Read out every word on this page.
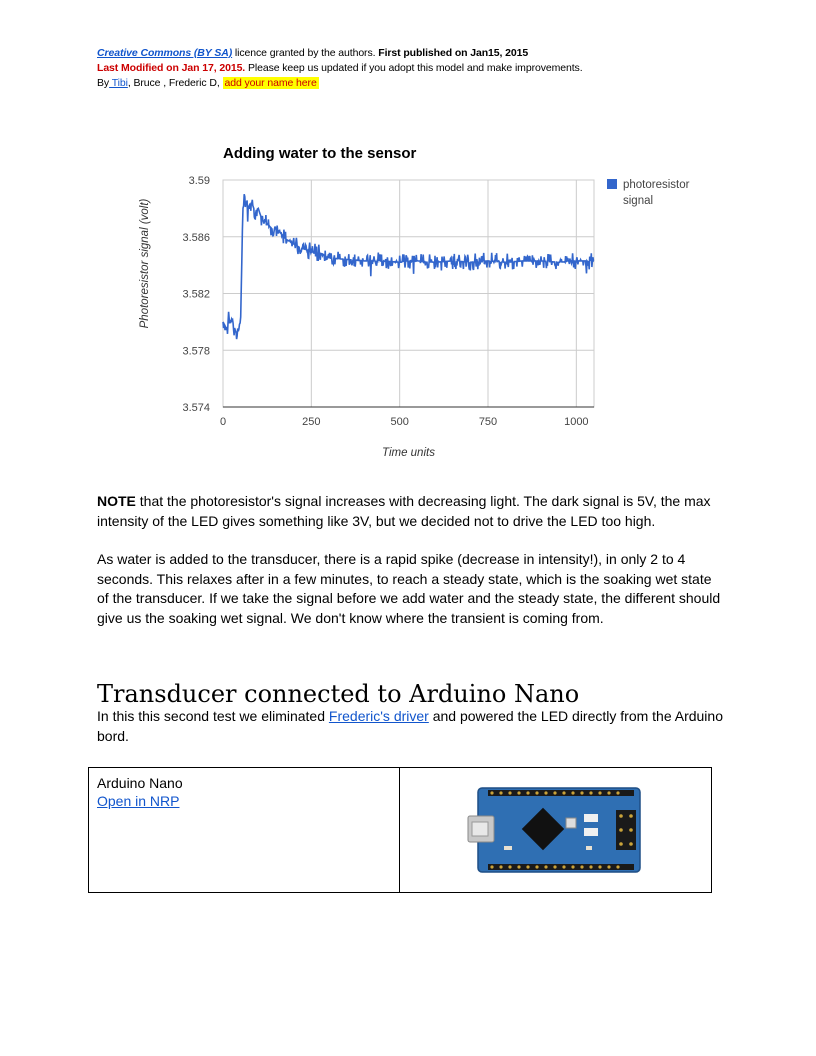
Creative Commons (BY SA) licence granted by the authors. First published on Jan15, 2015
Last Modified on Jan 17, 2015. Please keep us updated if you adopt this model and make improvements.
By Tibi, Bruce , Frederic D, add your name here
Adding water to the sensor
3.574
3.578
3.582
3.586
3.59
0	250	500	750	1000
Time units
Photoresistor signal (volt)
photoresistor
signal
NOTE that the photoresistor's signal increases with decreasing light. The dark signal is 5V, the max intensity of the LED gives something like 3V, but we decided not to drive the LED too high.
As water is added to the transducer, there is a rapid spike (decrease in intensity!), in only 2 to 4 seconds. This relaxes after in a few minutes, to reach a steady state, which is the soaking wet state of the transducer. If we take the signal before we add water and the steady state, the different should give us the soaking wet signal. We don't know where the transient is coming from.
Transducer connected to Arduino Nano
In this this second test we eliminated Frederic's driver and powered the LED directly from the Arduino bord.
Arduino Nano
Open in NRP
